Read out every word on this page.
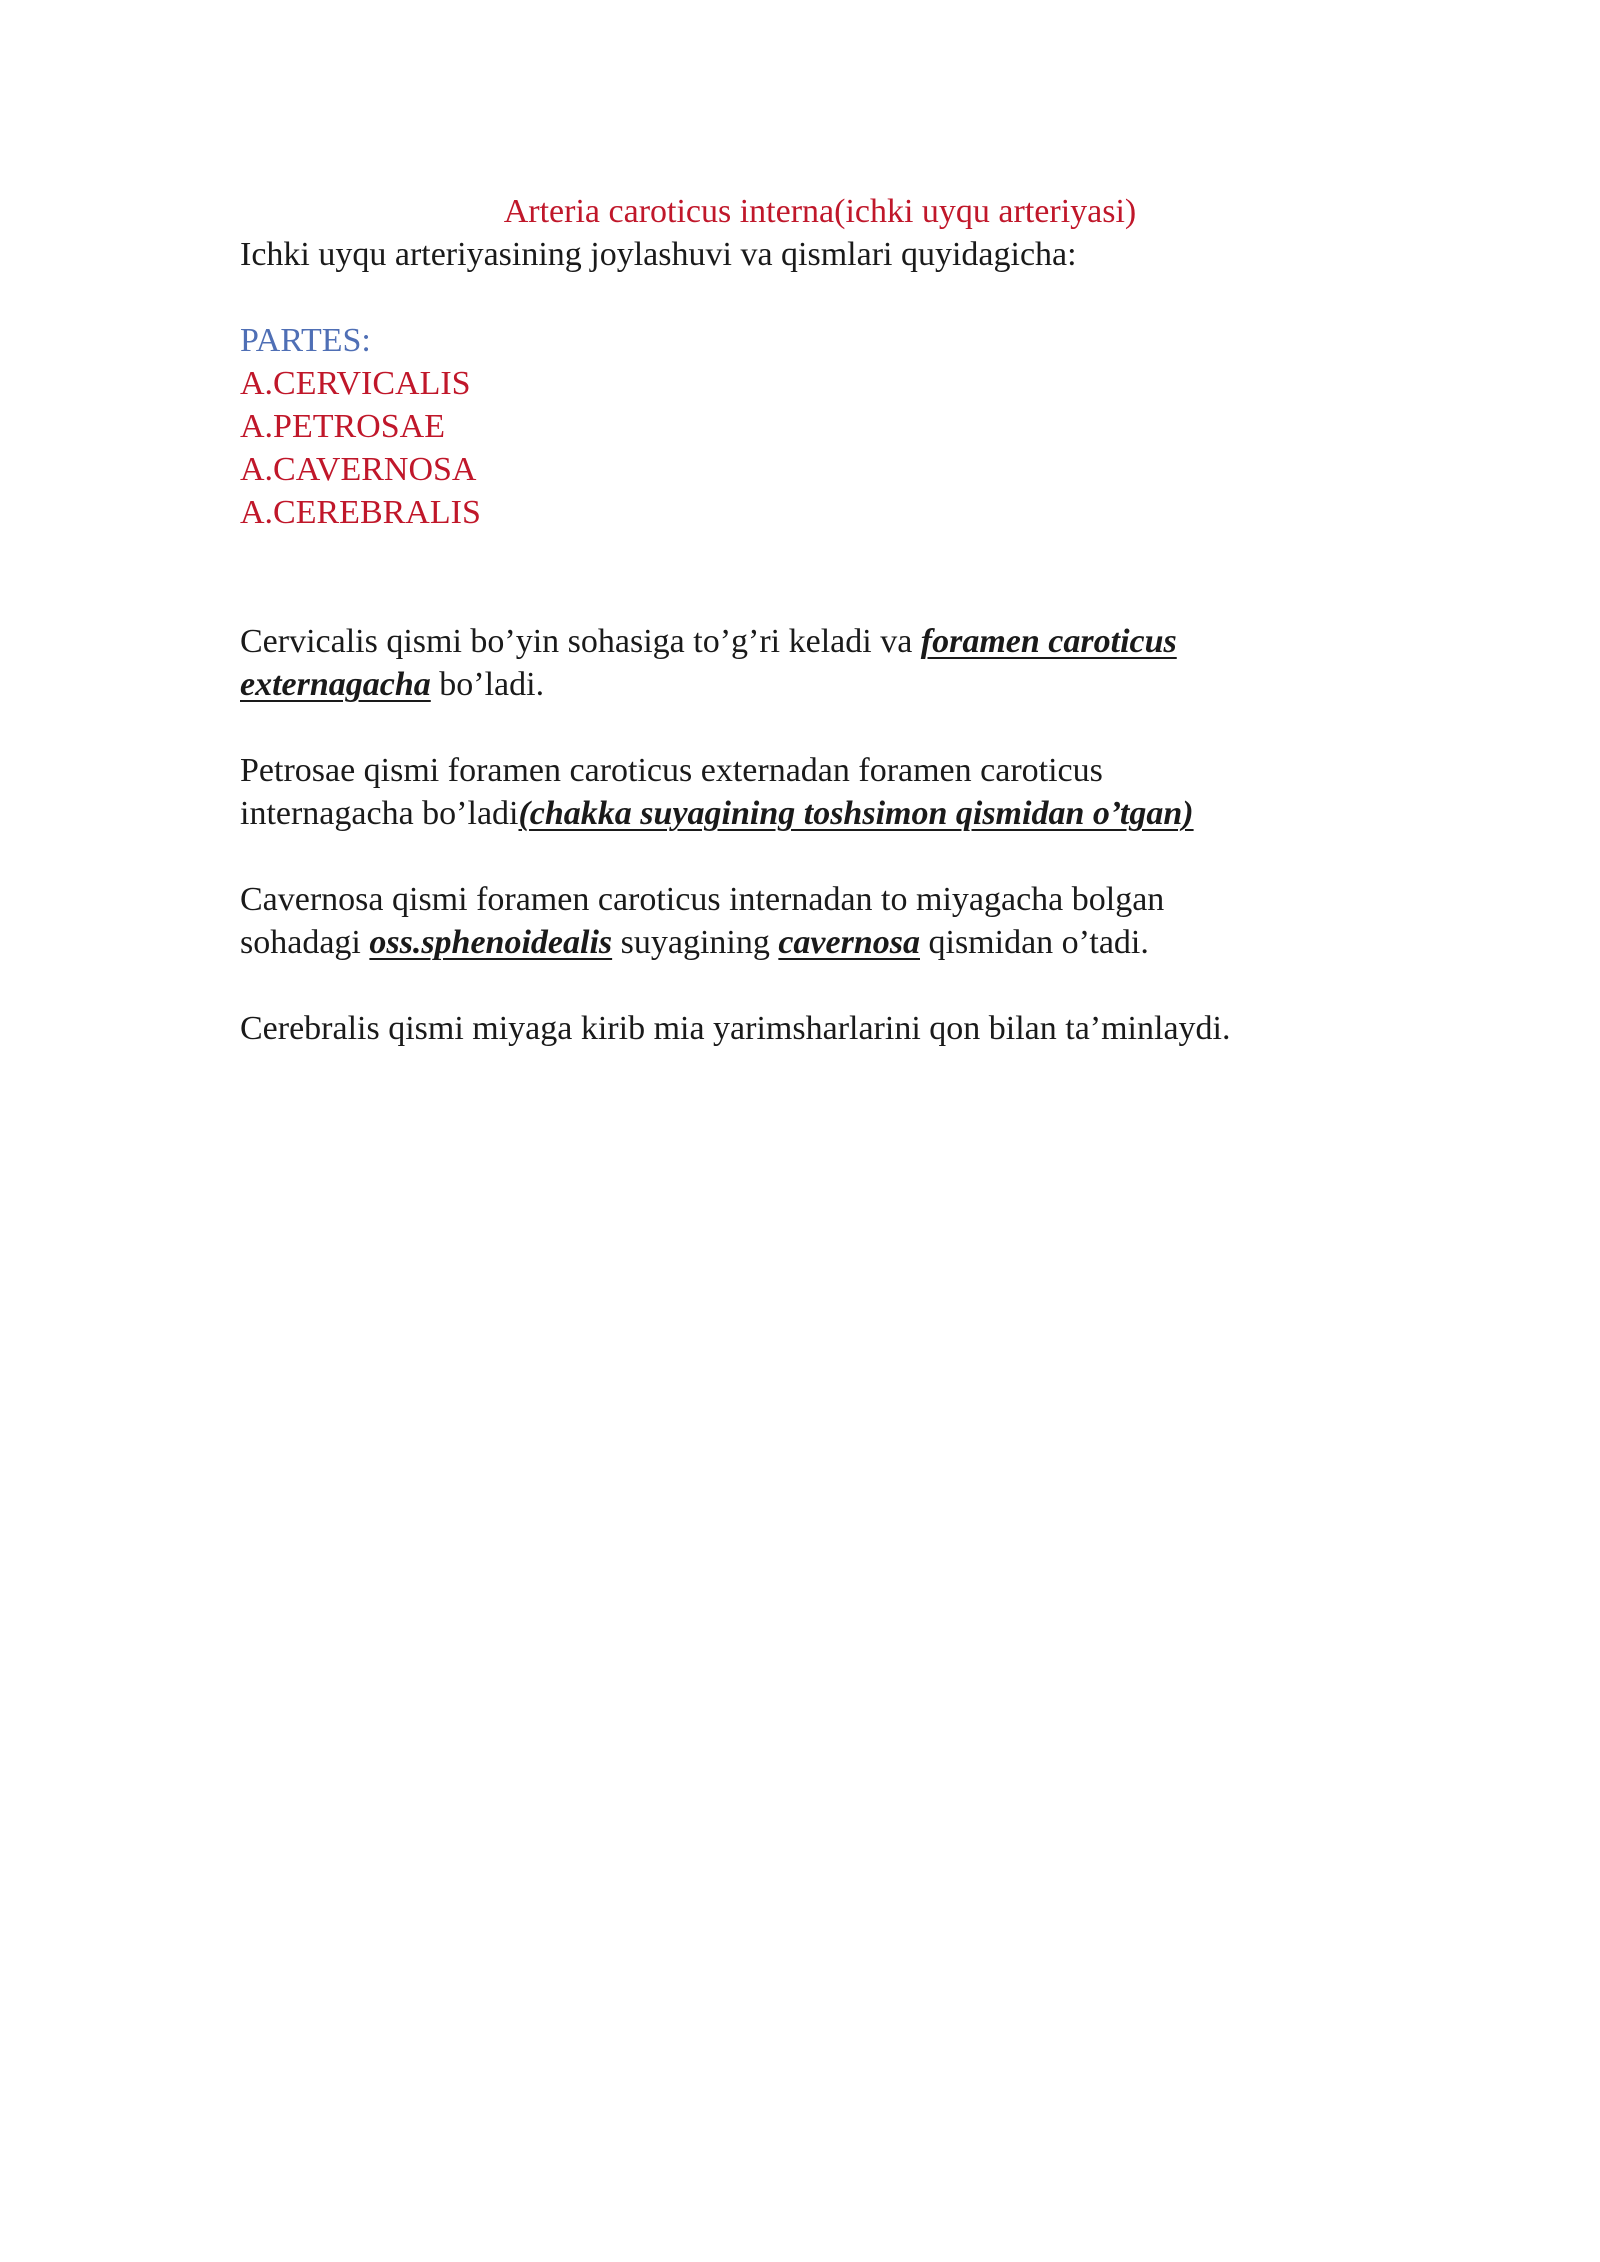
Arteria caroticus interna(ichki uyqu arteriyasi)
Ichki uyqu arteriyasining joylashuvi va qismlari quyidagicha:
PARTES:
A.CERVICALIS
A.PETROSAE
A.CAVERNOSA
A.CEREBRALIS
Cervicalis qismi bo’yin sohasiga to’g’ri keladi va foramen caroticus
externagacha bo’ladi.
Petrosae qismi foramen caroticus externadan foramen caroticus
internagacha bo’ladi(chakka suyagining toshsimon qismidan o’tgan)
Cavernosa qismi foramen caroticus internadan to miyagacha bolgan
sohadagi oss.sphenoidealis suyagining cavernosa qismidan o’tadi.
Cerebralis qismi miyaga kirib mia yarimsharlarini qon bilan ta’minlaydi.
